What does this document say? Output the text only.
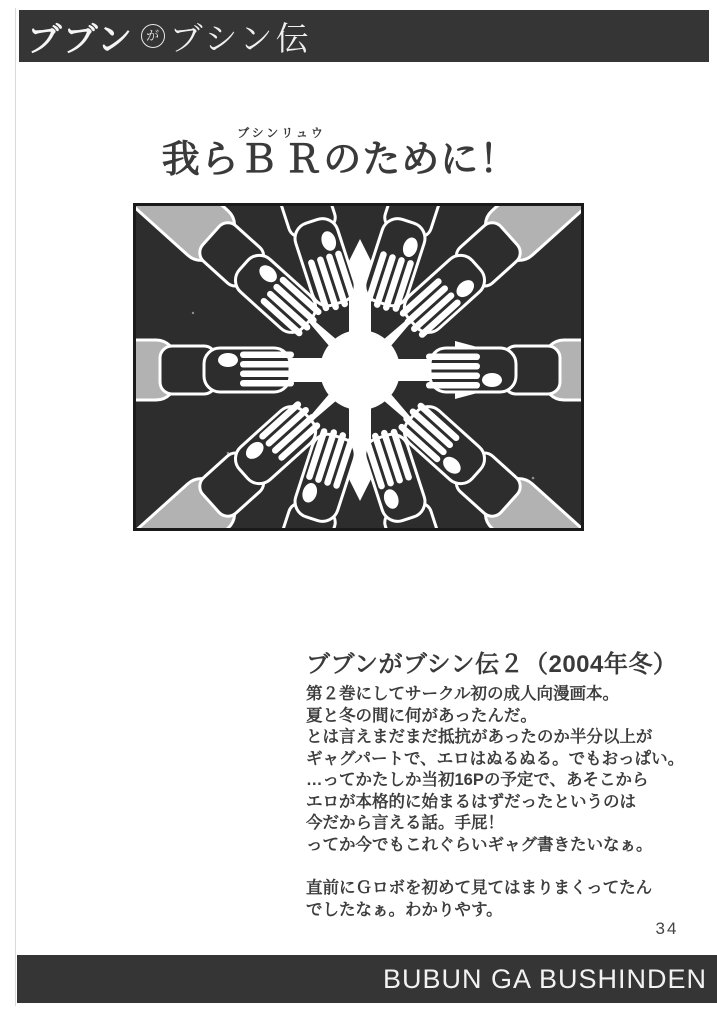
ブブン が ブシン伝
我らＢＲブシンリュウのために！
ブブンがブシン伝２（2004年冬）
第２巻にしてサークル初の成人向漫画本。
夏と冬の間に何があったんだ。
とは言えまだまだ抵抗があったのか半分以上が
ギャグパートで、エロはぬるぬる。でもおっぱい。
…ってかたしか当初16Pの予定で、あそこから
エロが本格的に始まるはずだったというのは
今だから言える話。手屁！
ってか今でもこれぐらいギャグ書きたいなぁ。
直前にＧロボを初めて見てはまりまくってたん
でしたなぁ。わかりやす。
34
BUBUN GA BUSHINDEN
